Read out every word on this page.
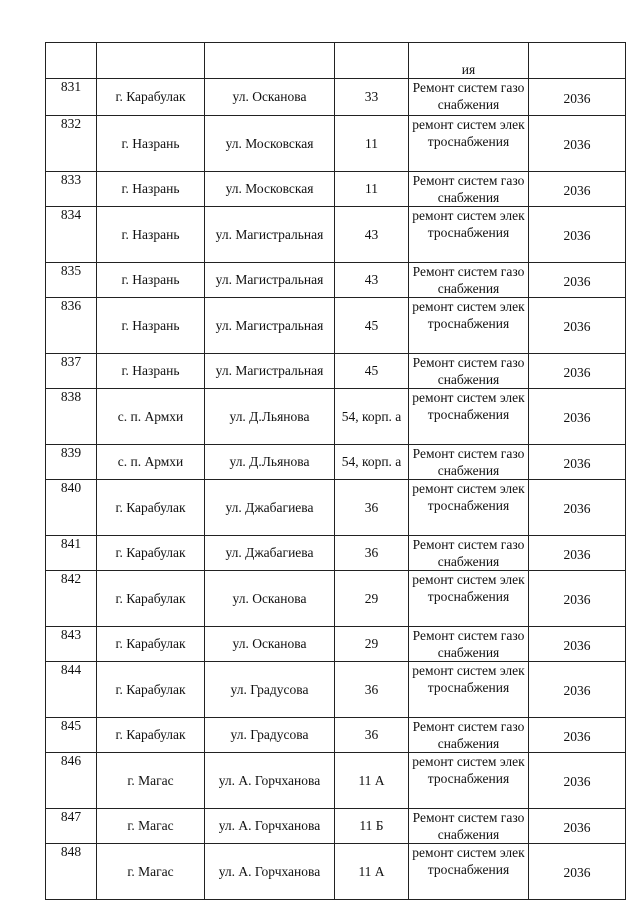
				ия	
831	г. Карабулак	ул. Осканова	33	Ремонт систем газоснабжения	2036
832	г. Назрань	ул. Московская	11	ремонт систем электроснабжения	2036
833	г. Назрань	ул. Московская	11	Ремонт систем газоснабжения	2036
834	г. Назрань	ул. Магистральная	43	ремонт систем электроснабжения	2036
835	г. Назрань	ул. Магистральная	43	Ремонт систем газоснабжения	2036
836	г. Назрань	ул. Магистральная	45	ремонт систем электроснабжения	2036
837	г. Назрань	ул. Магистральная	45	Ремонт систем газоснабжения	2036
838	с. п. Армхи	ул. Д.Льянова	54, корп. а	ремонт систем электроснабжения	2036
839	с. п. Армхи	ул. Д.Льянова	54, корп. а	Ремонт систем газоснабжения	2036
840	г. Карабулак	ул. Джабагиева	36	ремонт систем электроснабжения	2036
841	г. Карабулак	ул. Джабагиева	36	Ремонт систем газоснабжения	2036
842	г. Карабулак	ул. Осканова	29	ремонт систем электроснабжения	2036
843	г. Карабулак	ул. Осканова	29	Ремонт систем газоснабжения	2036
844	г. Карабулак	ул. Градусова	36	ремонт систем электроснабжения	2036
845	г. Карабулак	ул. Градусова	36	Ремонт систем газоснабжения	2036
846	г. Магас	ул. А. Горчханова	11 А	ремонт систем электроснабжения	2036
847	г. Магас	ул. А. Горчханова	11 Б	Ремонт систем газоснабжения	2036
848	г. Магас	ул. А. Горчханова	11 А	ремонт систем электроснабжения	2036
